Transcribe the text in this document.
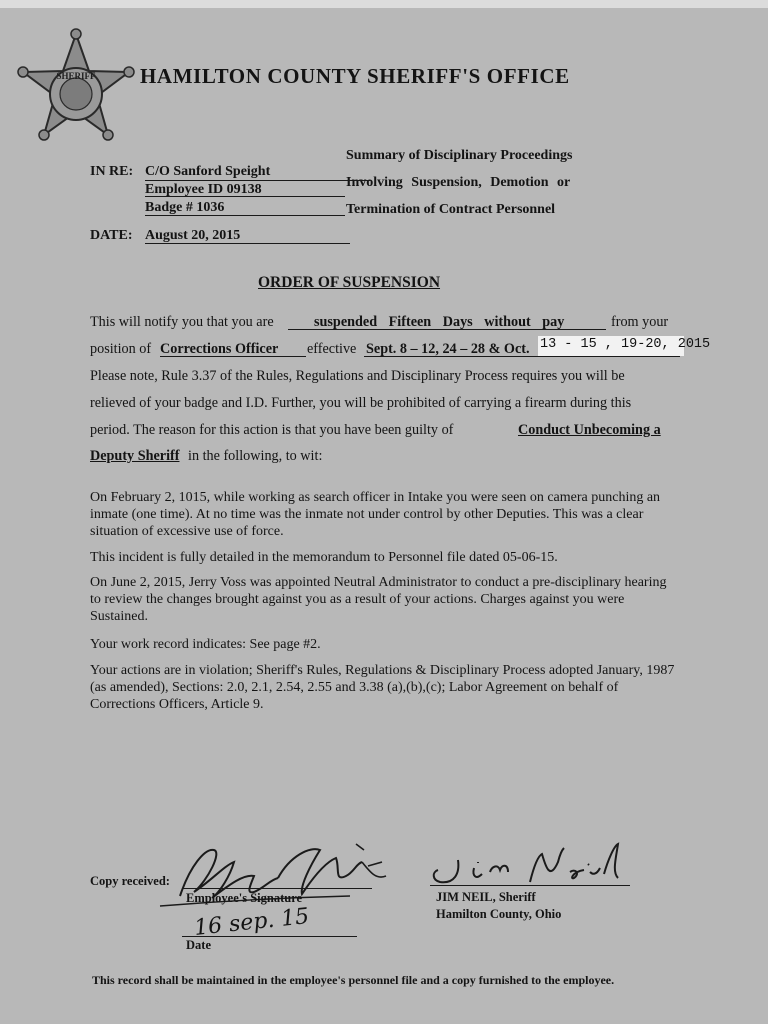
SHERIFF HAMILTON COUNTY SHERIFF'S OFFICE
Summary of Disciplinary Proceedings
Involving Suspension, Demotion or
Termination of Contract Personnel
IN RE: C/O Sanford Speight
Employee ID 09138
Badge # 1036
DATE: August 20, 2015
ORDER OF SUSPENSION
This will notify you that you are	suspended Fifteen Days without pay	from your
position of Corrections Officer effective Sept. 8 – 12, 24 – 28 & Oct. 13 - 15 , 19-20, 2015
Please note, Rule 3.37 of the Rules, Regulations and Disciplinary Process requires you will be
relieved of your badge and I.D. Further, you will be prohibited of carrying a firearm during this
period. The reason for this action is that you have been guilty of	Conduct Unbecoming a
Deputy Sheriff in the following, to wit:
On February 2, 1015, while working as search officer in Intake you were seen on camera punching an inmate (one time). At no time was the inmate not under control by other Deputies. This was a clear situation of excessive use of force.
This incident is fully detailed in the memorandum to Personnel file dated 05-06-15.
On June 2, 2015, Jerry Voss was appointed Neutral Administrator to conduct a pre-disciplinary hearing to review the changes brought against you as a result of your actions. Charges against you were Sustained.
Your work record indicates: See page #2.
Your actions are in violation; Sheriff's Rules, Regulations & Disciplinary Process adopted January, 1987 (as amended), Sections: 2.0, 2.1, 2.54, 2.55 and 3.38 (a),(b),(c); Labor Agreement on behalf of Corrections Officers, Article 9.
Copy received:
Employee's Signature
16 sep. 15
Date
JIM NEIL, Sheriff
Hamilton County, Ohio
This record shall be maintained in the employee's personnel file and a copy furnished to the employee.
